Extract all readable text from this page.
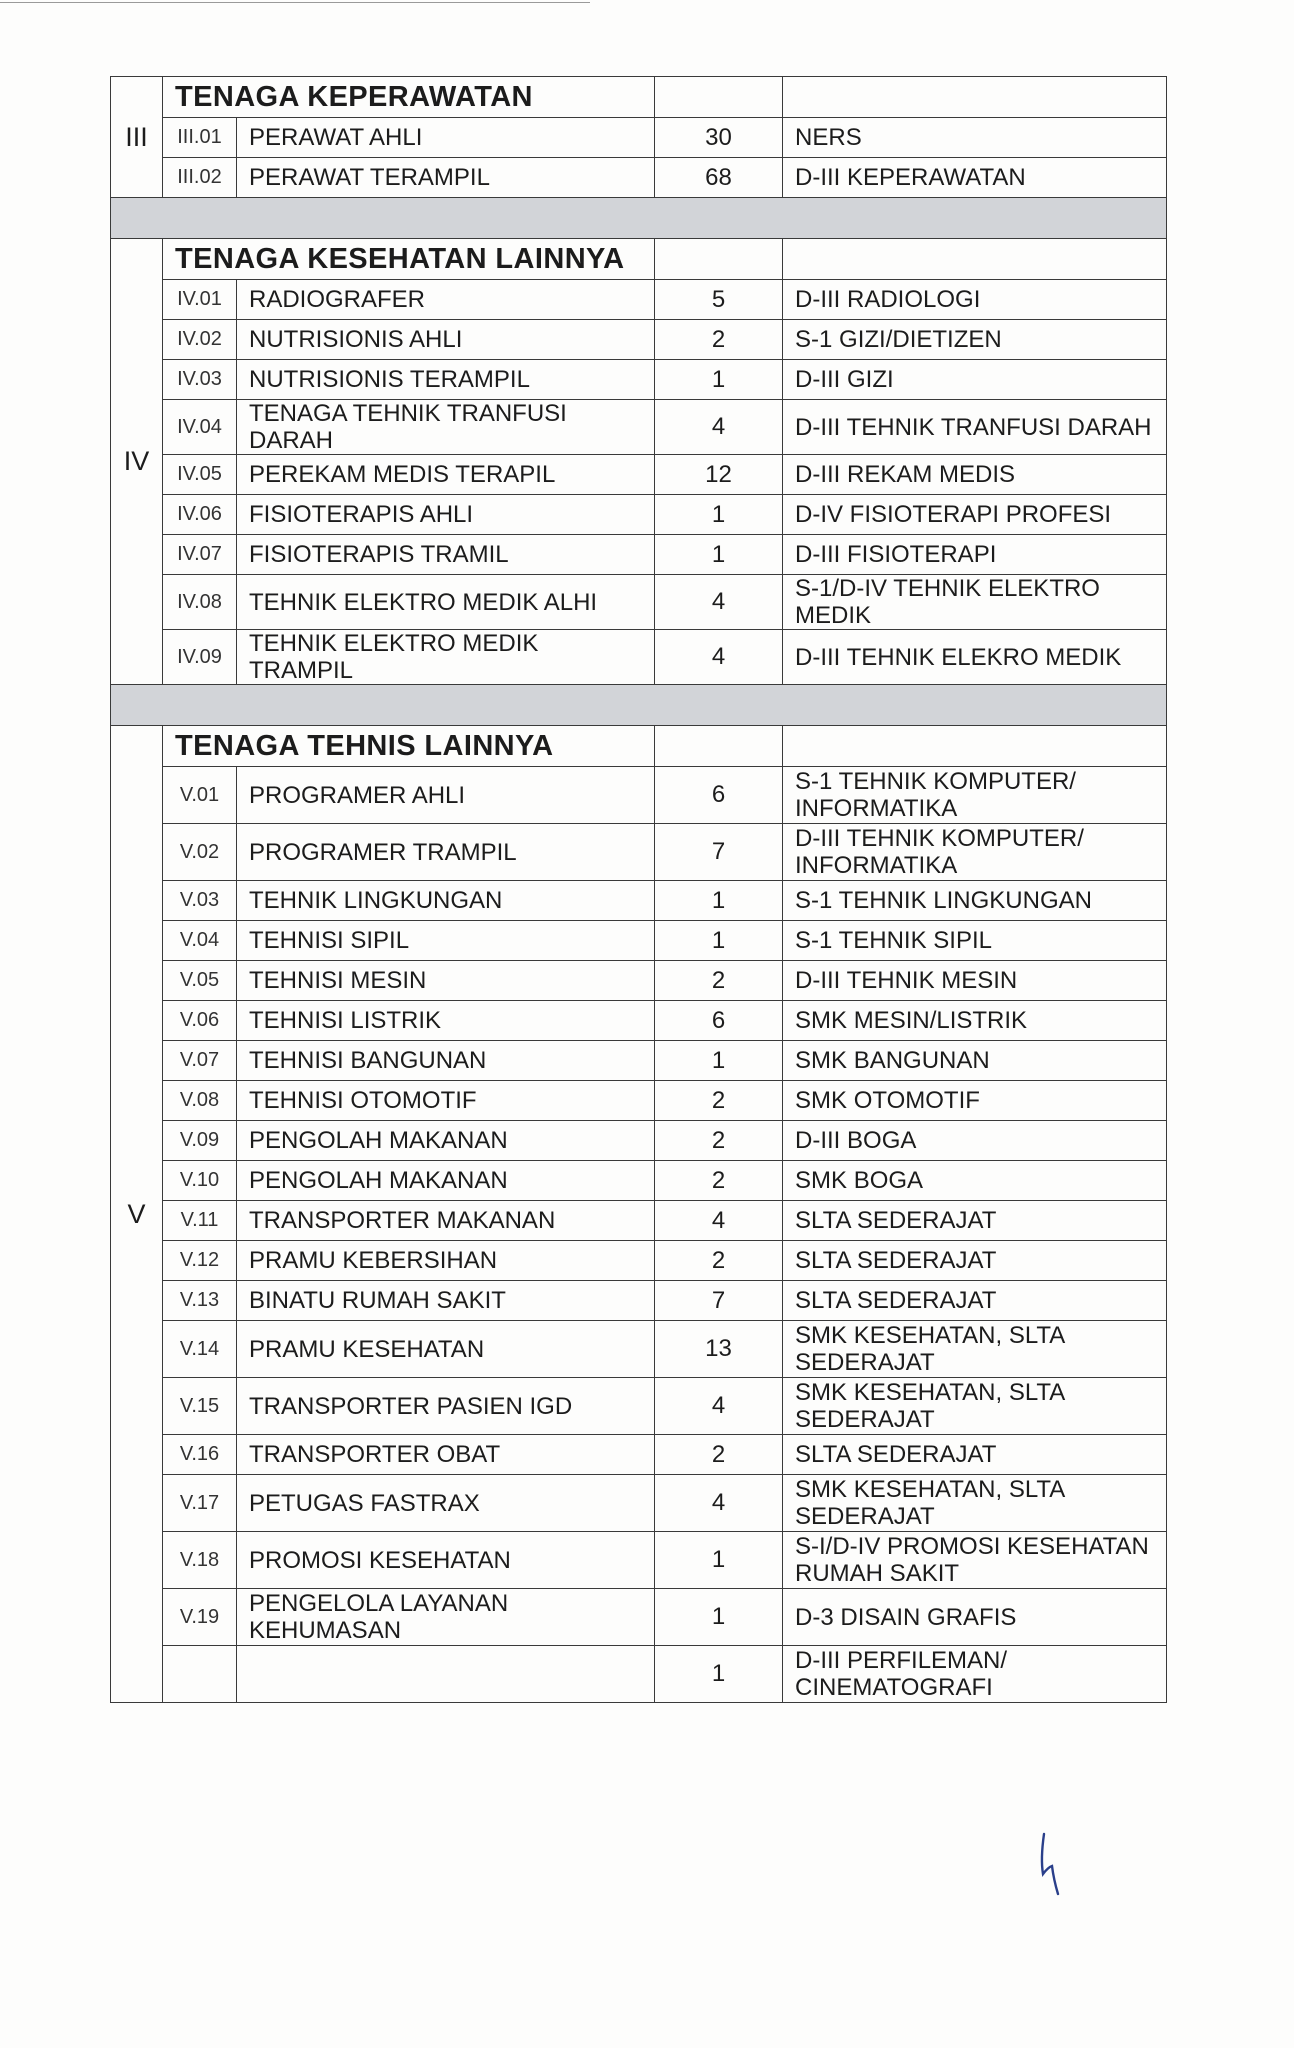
III	TENAGA KEPERAWATAN			
	III.01	PERAWAT AHLI	30	NERS
	III.02	PERAWAT TERAMPIL	68	D-III KEPERAWATAN

IV	TENAGA KESEHATAN LAINNYA			
	IV.01	RADIOGRAFER	5	D-III RADIOLOGI
	IV.02	NUTRISIONIS AHLI	2	S-1 GIZI/DIETIZEN
	IV.03	NUTRISIONIS TERAMPIL	1	D-III GIZI
	IV.04	TENAGA TEHNIK TRANFUSI DARAH	4	D-III TEHNIK TRANFUSI DARAH
	IV.05	PEREKAM MEDIS TERAPIL	12	D-III REKAM MEDIS
	IV.06	FISIOTERAPIS AHLI	1	D-IV FISIOTERAPI PROFESI
	IV.07	FISIOTERAPIS TRAMIL	1	D-III FISIOTERAPI
	IV.08	TEHNIK ELEKTRO MEDIK ALHI	4	S-1/D-IV TEHNIK ELEKTRO MEDIK
	IV.09	TEHNIK ELEKTRO MEDIK TRAMPIL	4	D-III TEHNIK ELEKRO MEDIK

V	TENAGA TEHNIS LAINNYA			
	V.01	PROGRAMER AHLI	6	S-1 TEHNIK KOMPUTER/ INFORMATIKA
	V.02	PROGRAMER TRAMPIL	7	D-III TEHNIK KOMPUTER/ INFORMATIKA
	V.03	TEHNIK LINGKUNGAN	1	S-1 TEHNIK LINGKUNGAN
	V.04	TEHNISI SIPIL	1	S-1 TEHNIK SIPIL
	V.05	TEHNISI MESIN	2	D-III TEHNIK MESIN
	V.06	TEHNISI LISTRIK	6	SMK MESIN/LISTRIK
	V.07	TEHNISI BANGUNAN	1	SMK BANGUNAN
	V.08	TEHNISI OTOMOTIF	2	SMK OTOMOTIF
	V.09	PENGOLAH MAKANAN	2	D-III BOGA
	V.10	PENGOLAH MAKANAN	2	SMK BOGA
	V.11	TRANSPORTER MAKANAN	4	SLTA SEDERAJAT
	V.12	PRAMU KEBERSIHAN	2	SLTA SEDERAJAT
	V.13	BINATU RUMAH SAKIT	7	SLTA SEDERAJAT
	V.14	PRAMU KESEHATAN	13	SMK KESEHATAN, SLTA SEDERAJAT
	V.15	TRANSPORTER PASIEN IGD	4	SMK KESEHATAN, SLTA SEDERAJAT
	V.16	TRANSPORTER OBAT	2	SLTA SEDERAJAT
	V.17	PETUGAS FASTRAX	4	SMK KESEHATAN, SLTA SEDERAJAT
	V.18	PROMOSI KESEHATAN	1	S-I/D-IV PROMOSI KESEHATAN RUMAH SAKIT
	V.19	PENGELOLA LAYANAN KEHUMASAN	1	D-3 DISAIN GRAFIS
			1	D-III PERFILEMAN/ CINEMATOGRAFI
